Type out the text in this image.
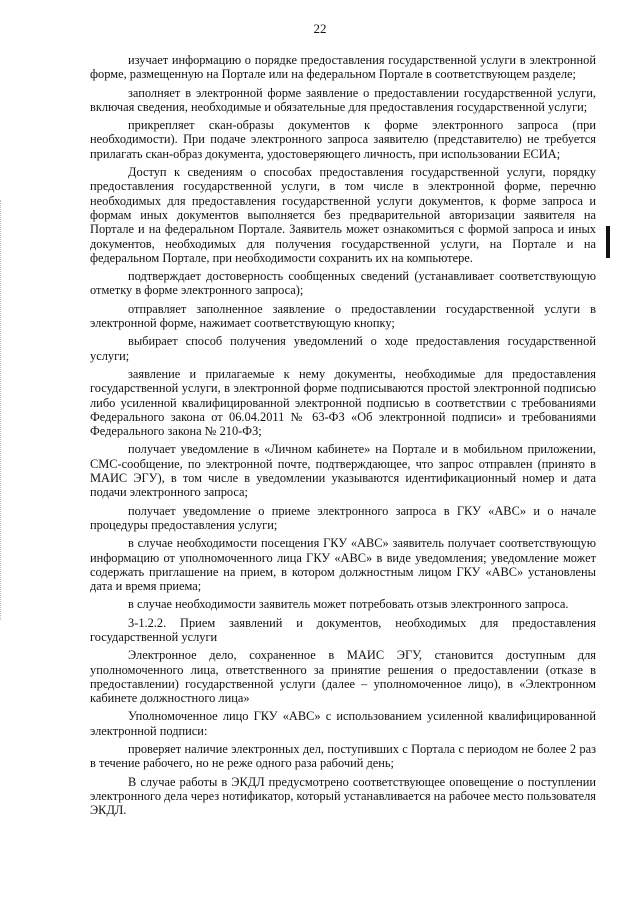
22

изучает информацию о порядке предоставления государственной услуги в электронной форме, размещенную на Портале или на федеральном Портале в соответствующем разделе;

заполняет в электронной форме заявление о предоставлении государственной услуги, включая сведения, необходимые и обязательные для предоставления государственной услуги;

прикрепляет скан-образы документов к форме электронного запроса (при необходимости). При подаче электронного запроса заявителю (представителю) не требуется прилагать скан-образ документа, удостоверяющего личность, при использовании ЕСИА;

Доступ к сведениям о способах предоставления государственной услуги, порядку предоставления государственной услуги, в том числе в электронной форме, перечню необходимых для предоставления государственной услуги документов, к форме запроса и формам иных документов выполняется без предварительной авторизации заявителя на Портале и на федеральном Портале. Заявитель может ознакомиться с формой запроса и иных документов, необходимых для получения государственной услуги, на Портале и на федеральном Портале, при необходимости сохранить их на компьютере.

подтверждает достоверность сообщенных сведений (устанавливает соответствующую отметку в форме электронного запроса);

отправляет заполненное заявление о предоставлении государственной услуги в электронной форме, нажимает соответствующую кнопку;

выбирает способ получения уведомлений о ходе предоставления государственной услуги;

заявление и прилагаемые к нему документы, необходимые для предоставления государственной услуги, в электронной форме подписываются простой электронной подписью либо усиленной квалифицированной электронной подписью в соответствии с требованиями Федерального закона от 06.04.2011 № 63-ФЗ «Об электронной подписи» и требованиями Федерального закона № 210-ФЗ;

получает уведомление в «Личном кабинете» на Портале и в мобильном приложении, СМС-сообщение, по электронной почте, подтверждающее, что запрос отправлен (принято в МАИС ЭГУ), в том числе в уведомлении указываются идентификационный номер и дата подачи электронного запроса;

получает уведомление о приеме электронного запроса в ГКУ «АВС» и о начале процедуры предоставления услуги;

в случае необходимости посещения ГКУ «АВС» заявитель получает соответствующую информацию от уполномоченного лица ГКУ «АВС» в виде уведомления; уведомление может содержать приглашение на прием, в котором должностным лицом ГКУ «АВС» установлены дата и время приема;

в случае необходимости заявитель может потребовать отзыв электронного запроса.

3-1.2.2. Прием заявлений и документов, необходимых для предоставления государственной услуги

Электронное дело, сохраненное в МАИС ЭГУ, становится доступным для уполномоченного лица, ответственного за принятие решения о предоставлении (отказе в предоставлении) государственной услуги (далее – уполномоченное лицо), в «Электронном кабинете должностного лица»

Уполномоченное лицо ГКУ «АВС» с использованием усиленной квалифицированной электронной подписи:

проверяет наличие электронных дел, поступивших с Портала с периодом не более 2 раз в течение рабочего, но не реже одного раза рабочий день;

В случае работы в ЭКДЛ предусмотрено соответствующее оповещение о поступлении электронного дела через нотификатор, который устанавливается на рабочее место пользователя ЭКДЛ.
